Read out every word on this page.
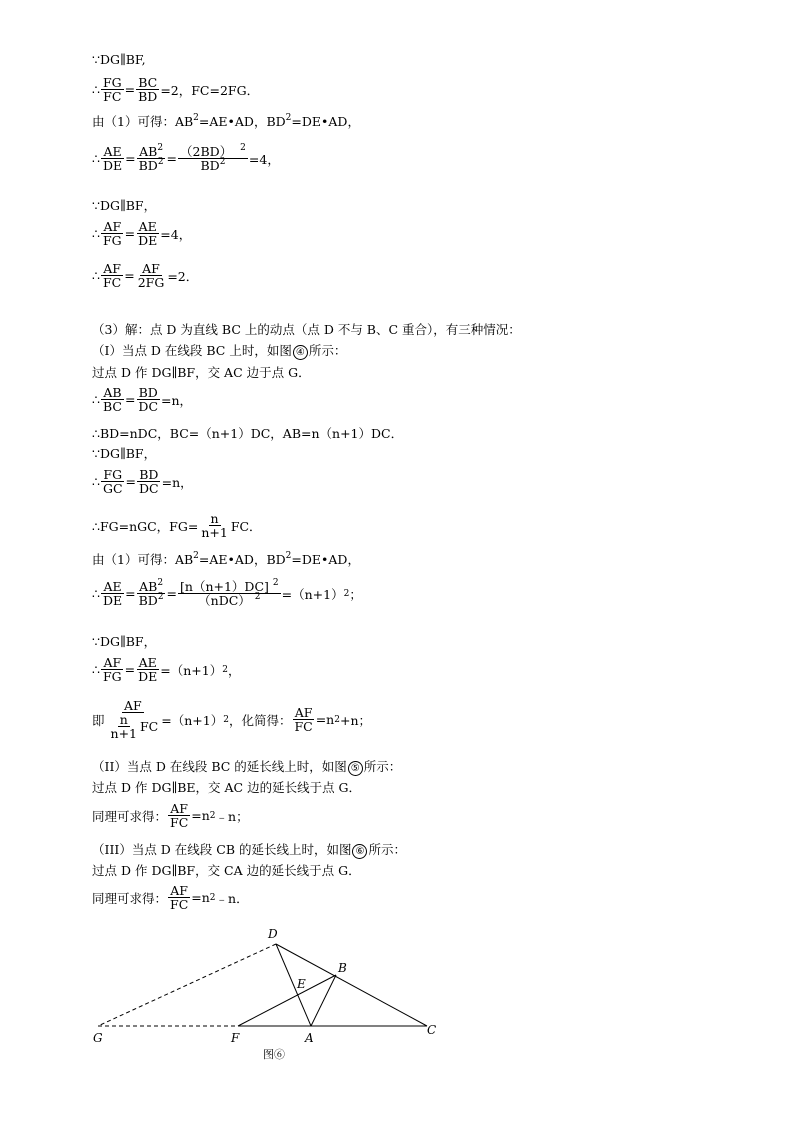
∵DG∥BF,
∴ $\frac{FG}{FC} = \frac{BC}{BD} =2$，FC=2FG．
由（1）可得：$AB^2=AE•AD$，$BD^2=DE•AD$，
∴ $\frac{AE}{DE} = \frac{AB^2}{BD^2} = \frac{(2BD) ^2}{BD^2} =4$，
∵DG∥BF，
∴ $\frac{AF}{FG} = \frac{AE}{DE} =4$，
∴ $\frac{AF}{FC} = \frac{AF}{2FG} =2$．
（3）解：点 D 为直线 BC 上的动点（点 D 不与 B、C 重合），有三种情况：
（I）当点 D 在线段 BC 上时，如图 ④ 所示：
过点 D 作 DG∥BF，交 AC 边于点 G．
∴ $\frac{AB}{BC} = \frac{BD}{DC} =n$，
∴BD=nDC，BC=（n+1）DC，AB=n（n+1）DC．
∵DG∥BF，
∴ $\frac{FG}{GC} = \frac{BD}{DC} =n$，
∴FG=nGC，$FG= \frac{n}{n+1}$ FC．
由（1）可得：$AB^2=AE•AD$，$BD^2=DE•AD$，
∴ $\frac{AE}{DE} = \frac{AB^2}{BD^2} = \frac{[n(n+1)DC] ^2}{(nDC) ^2} =(n+1)$ 2 ；
∵DG∥BF，
∴ $\frac{AF}{FG} = \frac{AE}{DE} =(n+1)$ 2 ，
即 $\frac{AF}{\frac{n}{n+1} FC} =(n+1)$ 2 ，化简得： $\frac{AF}{FC} =n$ 2 +n；
（II）当点 D 在线段 BC 的延长线上时，如图 ⑤ 所示：
过点 D 作 DG∥BE，交 AC 边的延长线于点 G．
同理可求得： $\frac{AF}{FC} =n$ 2 ﹣n；
（III）当点 D 在线段 CB 的延长线上时，如图 ⑥ 所示：
过点 D 作 DG∥BF，交 CA 边的延长线于点 G．
同理可求得： $\frac{AF}{FC} =n$ 2 ﹣n．
D
B
E
G	F	A
C
图⑥
